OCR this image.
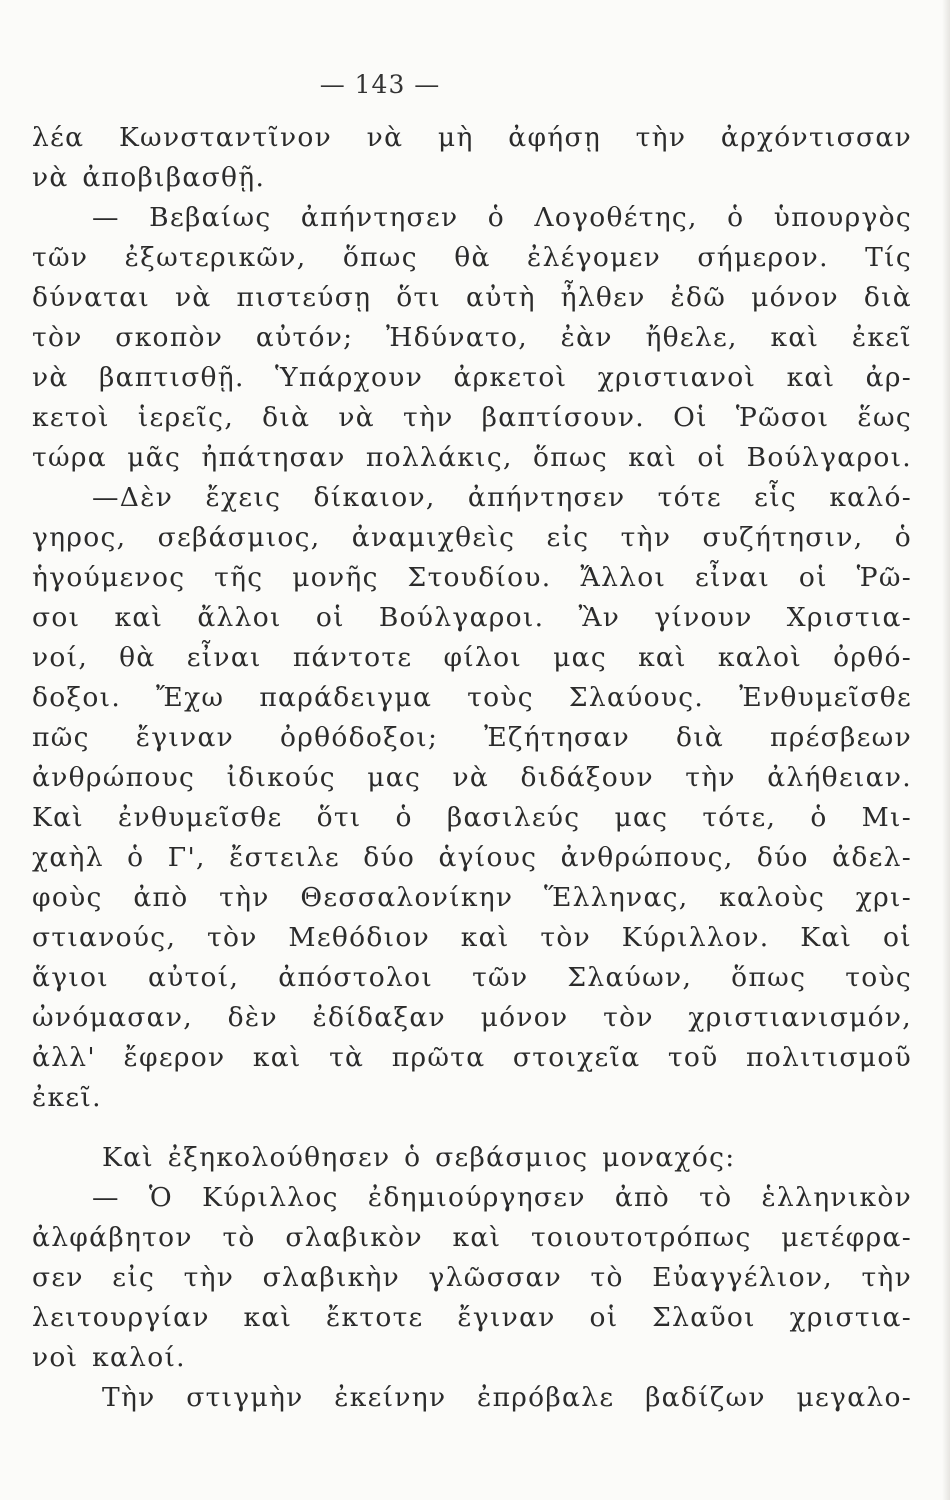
— 143 —
λέα Κωνσταντῖνον νὰ μὴ ἀφήσῃ τὴν ἀρχόντισσαν
νὰ ἀποβιβασθῇ.
— Βεβαίως ἀπήντησεν ὁ Λογοθέτης, ὁ ὑπουργὸς
τῶν ἐξωτερικῶν, ὅπως θὰ ἐλέγομεν σήμερον. Τίς
δύναται νὰ πιστεύσῃ ὅτι αὐτὴ ἦλθεν ἐδῶ μόνον διὰ
τὸν σκοπὸν αὐτόν; Ἠδύνατο, ἐὰν ἤθελε, καὶ ἐκεῖ
νὰ βαπτισθῇ. Ὑπάρχουν ἀρκετοὶ χριστιανοὶ καὶ ἀρ-
κετοὶ ἱερεῖς, διὰ νὰ τὴν βαπτίσουν. Οἱ Ῥῶσοι ἕως
τώρα μᾶς ἠπάτησαν πολλάκις, ὅπως καὶ οἱ Βούλγαροι.
—Δὲν ἔχεις δίκαιον, ἀπήντησεν τότε εἷς καλό-
γηρος, σεβάσμιος, ἀναμιχθεὶς εἰς τὴν συζήτησιν, ὁ
ἡγούμενος τῆς μονῆς Στουδίου. Ἄλλοι εἶναι οἱ Ῥῶ-
σοι καὶ ἄλλοι οἱ Βούλγαροι. Ἂν γίνουν Χριστια-
νοί, θὰ εἶναι πάντοτε φίλοι μας καὶ καλοὶ ὀρθό-
δοξοι. Ἔχω παράδειγμα τοὺς Σλαύους. Ἐνθυμεῖσθε
πῶς ἔγιναν ὀρθόδοξοι; Ἐζήτησαν διὰ πρέσβεων
ἀνθρώπους ἰδικούς μας νὰ διδάξουν τὴν ἀλήθειαν.
Καὶ ἐνθυμεῖσθε ὅτι ὁ βασιλεύς μας τότε, ὁ Μι-
χαὴλ ὁ Γ', ἔστειλε δύο ἁγίους ἀνθρώπους, δύο ἀδελ-
φοὺς ἀπὸ τὴν Θεσσαλονίκην Ἕλληνας, καλοὺς χρι-
στιανούς, τὸν Μεθόδιον καὶ τὸν Κύριλλον. Καὶ οἱ
ἅγιοι αὐτοί, ἀπόστολοι τῶν Σλαύων, ὅπως τοὺς
ὠνόμασαν, δὲν ἐδίδαξαν μόνον τὸν χριστιανισμόν,
ἀλλ' ἔφερον καὶ τὰ πρῶτα στοιχεῖα τοῦ πολιτισμοῦ
ἐκεῖ.
Καὶ ἐξηκολούθησεν ὁ σεβάσμιος μοναχός:
— Ὁ Κύριλλος ἐδημιούργησεν ἀπὸ τὸ ἑλληνικὸν
ἀλφάβητον τὸ σλαβικὸν καὶ τοιουτοτρόπως μετέφρα-
σεν εἰς τὴν σλαβικὴν γλῶσσαν τὸ Εὐαγγέλιον, τὴν
λειτουργίαν καὶ ἔκτοτε ἔγιναν οἱ Σλαῦοι χριστια-
νοὶ καλοί.
Τὴν στιγμὴν ἐκείνην ἐπρόβαλε βαδίζων μεγαλο-
